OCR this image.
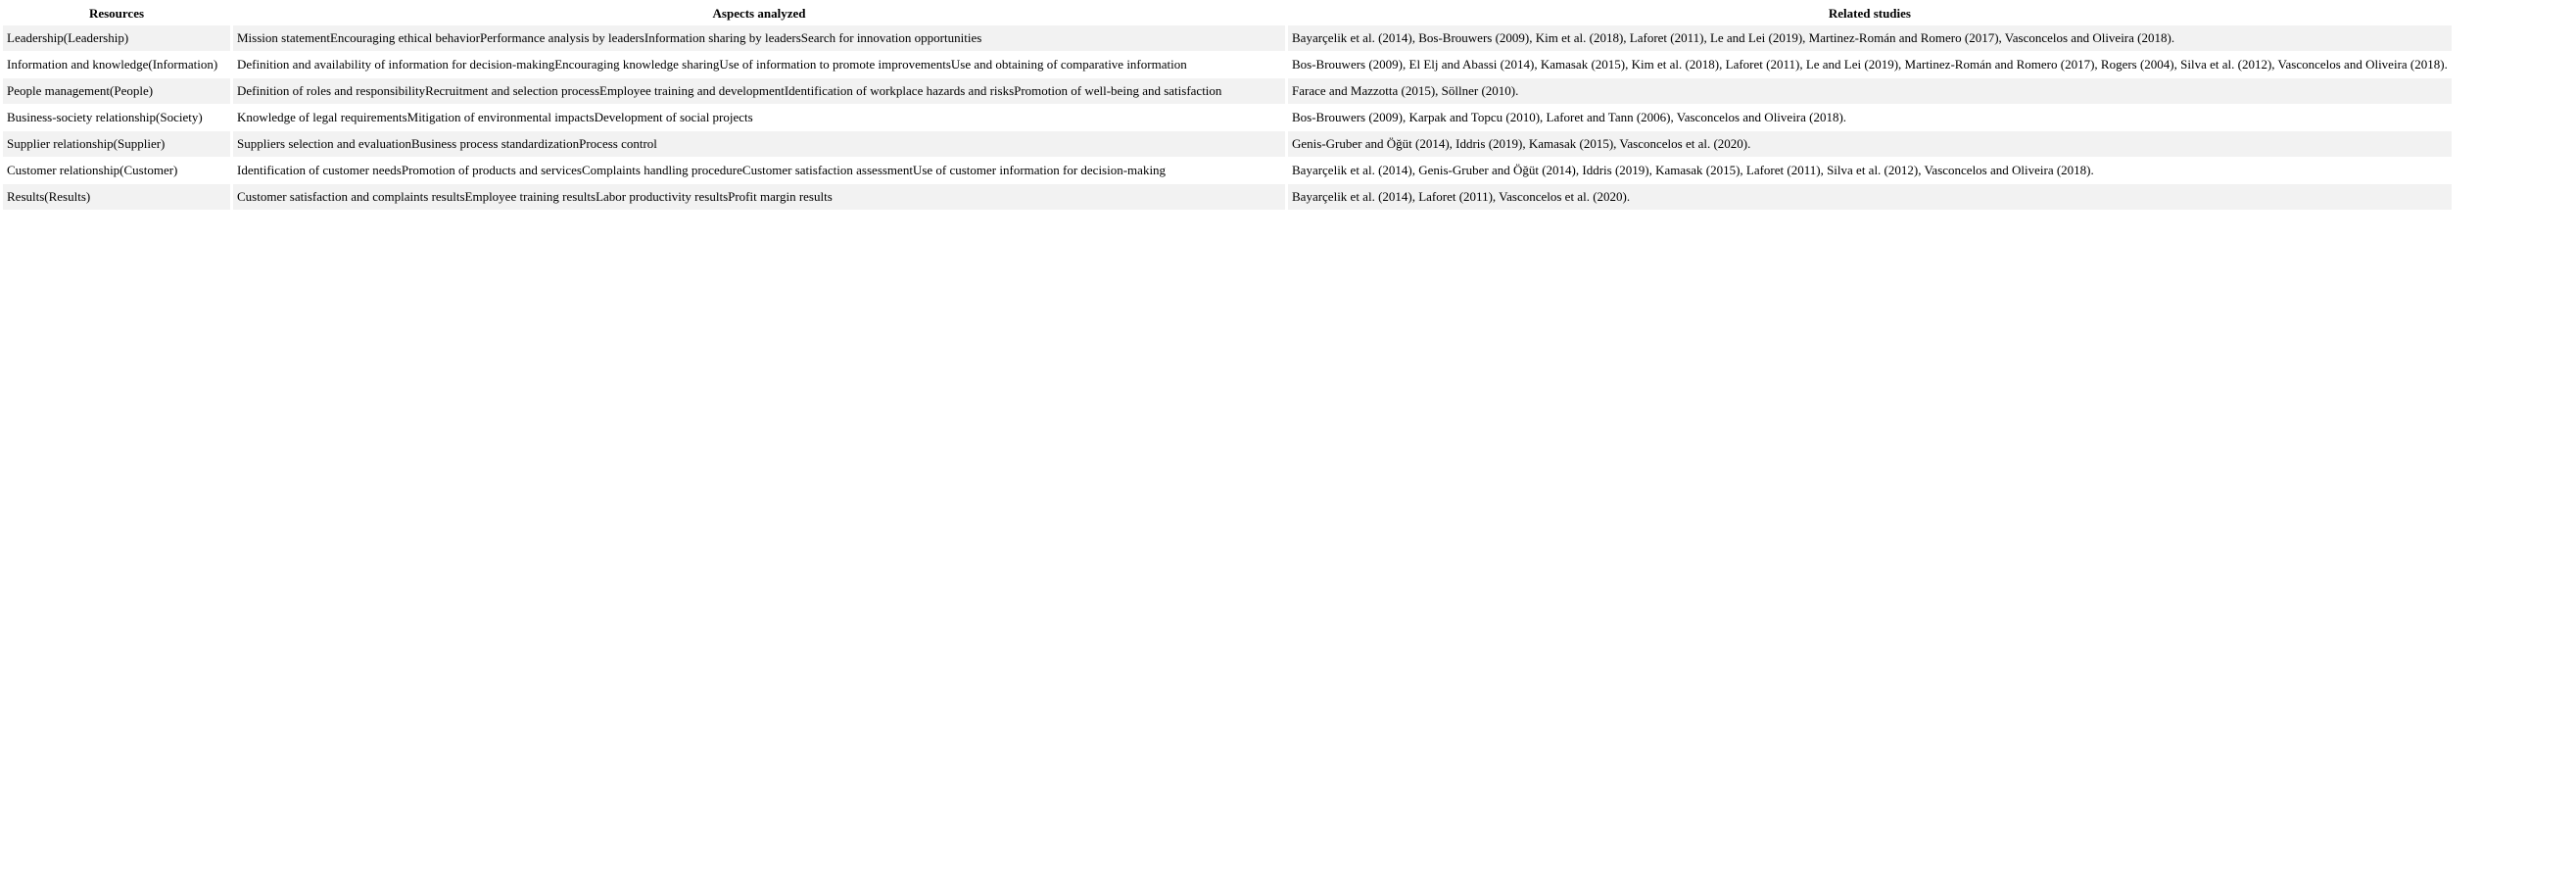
Resources	Aspects analyzed	Related studies
Leadership(Leadership)	Mission statementEncouraging ethical behaviorPerformance analysis by leadersInformation sharing by leadersSearch for innovation opportunities	Bayarçelik et al. (2014), Bos-Brouwers (2009), Kim et al. (2018), Laforet (2011), Le and Lei (2019), Martinez-Román and Romero (2017), Vasconcelos and Oliveira (2018).
Information and knowledge(Information)	Definition and availability of information for decision-makingEncouraging knowledge sharingUse of information to promote improvementsUse and obtaining of comparative information	Bos-Brouwers (2009), El Elj and Abassi (2014), Kamasak (2015), Kim et al. (2018), Laforet (2011), Le and Lei (2019), Martinez-Román and Romero (2017), Rogers (2004), Silva et al. (2012), Vasconcelos and Oliveira (2018).
People management(People)	Definition of roles and responsibilityRecruitment and selection processEmployee training and developmentIdentification of workplace hazards and risksPromotion of well-being and satisfaction	Farace and Mazzotta (2015), Söllner (2010).
Business-society relationship(Society)	Knowledge of legal requirementsMitigation of environmental impactsDevelopment of social projects	Bos-Brouwers (2009), Karpak and Topcu (2010), Laforet and Tann (2006), Vasconcelos and Oliveira (2018).
Supplier relationship(Supplier)	Suppliers selection and evaluationBusiness process standardizationProcess control	Genis-Gruber and Öğüt (2014), Iddris (2019), Kamasak (2015), Vasconcelos et al. (2020).
Customer relationship(Customer)	Identification of customer needsPromotion of products and servicesComplaints handling procedureCustomer satisfaction assessmentUse of customer information for decision-making	Bayarçelik et al. (2014), Genis-Gruber and Öğüt (2014), Iddris (2019), Kamasak (2015), Laforet (2011), Silva et al. (2012), Vasconcelos and Oliveira (2018).
Results(Results)	Customer satisfaction and complaints resultsEmployee training resultsLabor productivity resultsProfit margin results	Bayarçelik et al. (2014), Laforet (2011), Vasconcelos et al. (2020).
